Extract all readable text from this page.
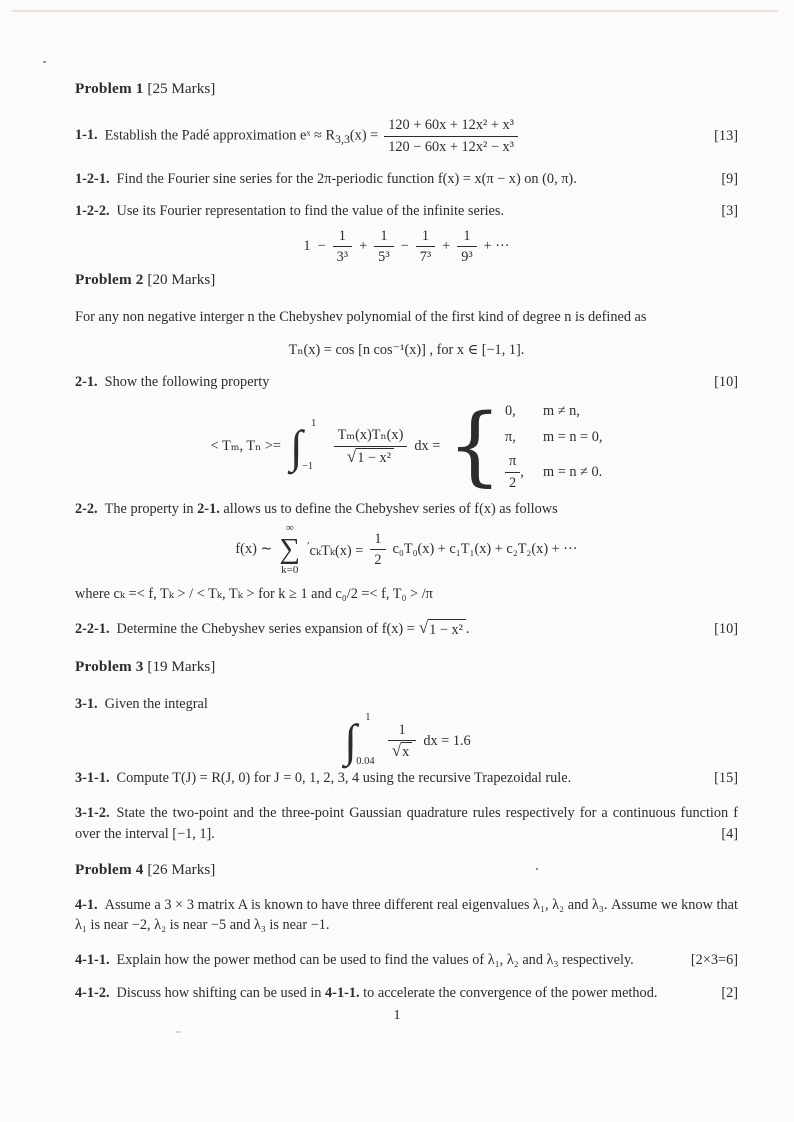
Problem 1 [25 Marks]
1-1. Establish the Padé approximation eˣ ≈ $R_{3,3}(x) = \frac{\text{120 + 60x + 12x² + x³}}{\text{120 − 60x + 12x² − x³}}$	[13]
1-2-1. Find the Fourier sine series for the 2π-periodic function f(x) = x(π − x) on (0, π).	[9]
1-2-2. Use its Fourier representation to find the value of the infinite series.	[3]
$1 - \frac{1}{\text{3³}} + \frac{1}{\text{5³}} - \frac{1}{\text{7³}} + \frac{1}{\text{9³}}$ + ···
Problem 2 [20 Marks]
For any non negative interger n the Chebyshev polynomial of the first kind of degree n is defined as
Tₙ(x) = cos [n cos⁻¹(x)] , for x ∈ [−1, 1].
2-1. Show the following property	[10]
< Tₘ, Tₙ >=
∫
1
−1 Tₘ(x)Tₙ(x)
√ 1 − x² dx =
{
0,	m ≠ n,
π,	m = n = 0,
$\frac{\pi}{2}$ , m = n ≠ 0.
2-2. The property in 2-1. allows us to define the Chebyshev series of f(x) as follows
f(x) ∼
∞
∑
k=0
$'c_kT_k(x) = \frac{1}{2} c_0T_0(x) + c_1T_1(x) + c_2T_2(x)$ + ···
where cₖ =< f, Tₖ > / < Tₖ, Tₖ > for k ≥ 1 and c₀/2 =< f, T₀ > /π
2-2-1. Determine the Chebyshev series expansion of f(x) = √ 1 − x² .	[10]
Problem 3 [19 Marks]
3-1. Given the integral
∫
1
0.04 1
√ x dx = 1.6
3-1-1. Compute T(J) = R(J, 0) for J = 0, 1, 2, 3, 4 using the recursive Trapezoidal rule.	[15]
3-1-2. State the two-point and the three-point Gaussian quadrature rules respectively for a continuous function f over the interval [−1, 1].	[4]
Problem 4 [26 Marks]
4-1. Assume a 3 × 3 matrix A is known to have three different real eigenvalues λ₁, λ₂ and λ₃. Assume we know that λ₁ is near −2, λ₂ is near −5 and λ₃ is near −1.
4-1-1. Explain how the power method can be used to find the values of λ₁, λ₂ and λ₃ respectively.	[2×3=6]
4-1-2. Discuss how shifting can be used in 4-1-1. to accelerate the convergence of the power method.	[2]
1
